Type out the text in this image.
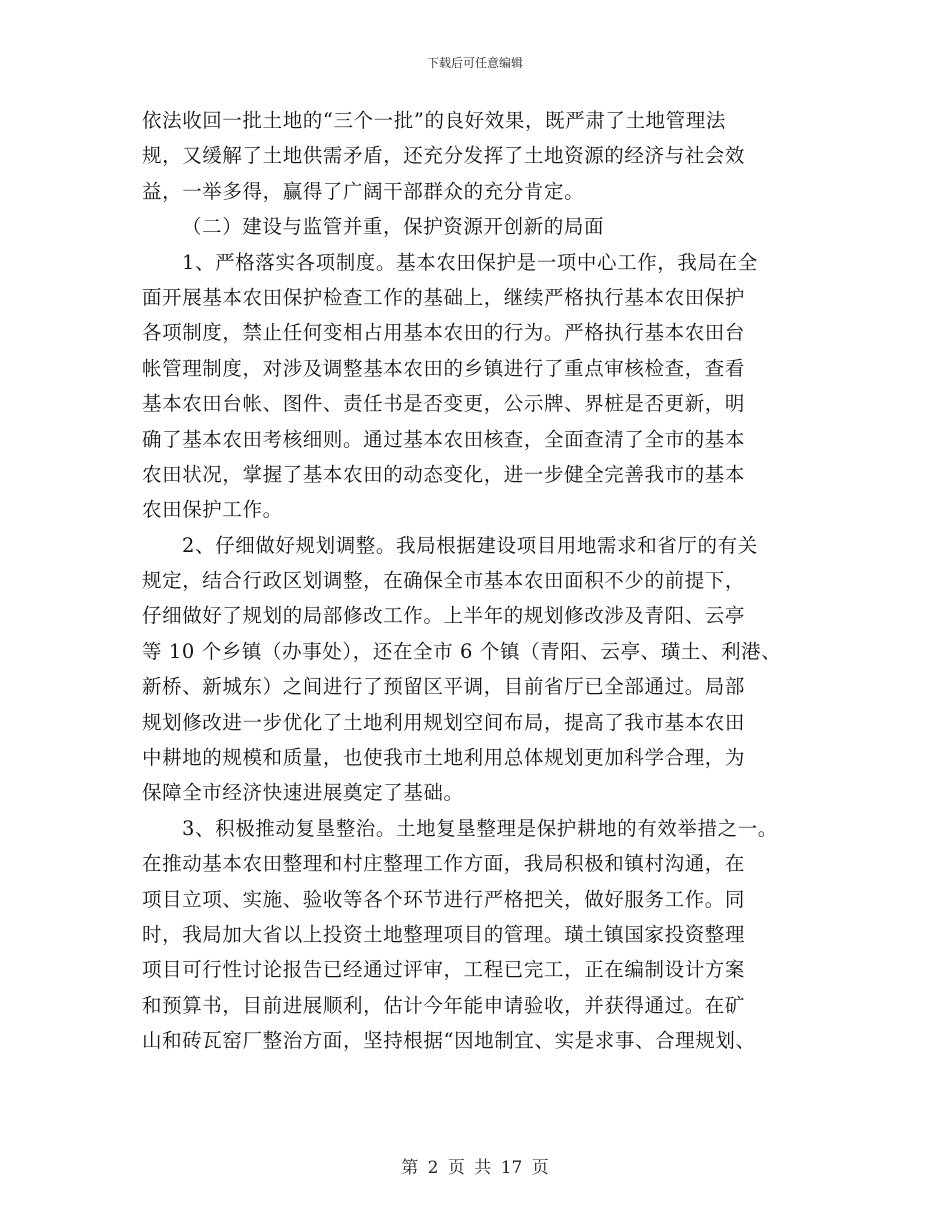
下载后可任意编辑
依法收回一批土地的“三个一批”的良好效果，既严肃了土地管理法
规，又缓解了土地供需矛盾，还充分发挥了土地资源的经济与社会效
益，一举多得，赢得了广阔干部群众的充分肯定。
（二）建设与监管并重，保护资源开创新的局面
1、严格落实各项制度。基本农田保护是一项中心工作，我局在全
面开展基本农田保护检查工作的基础上，继续严格执行基本农田保护
各项制度，禁止任何变相占用基本农田的行为。严格执行基本农田台
帐管理制度，对涉及调整基本农田的乡镇进行了重点审核检查，查看
基本农田台帐、图件、责任书是否变更，公示牌、界桩是否更新，明
确了基本农田考核细则。通过基本农田核查，全面查清了全市的基本
农田状况，掌握了基本农田的动态变化，进一步健全完善我市的基本
农田保护工作。
2、仔细做好规划调整。我局根据建设项目用地需求和省厅的有关
规定，结合行政区划调整，在确保全市基本农田面积不少的前提下，
仔细做好了规划的局部修改工作。上半年的规划修改涉及青阳、云亭
等 10 个乡镇（办事处），还在全市 6 个镇（青阳、云亭、璜土、利港、
新桥、新城东）之间进行了预留区平调，目前省厅已全部通过。局部
规划修改进一步优化了土地利用规划空间布局，提高了我市基本农田
中耕地的规模和质量，也使我市土地利用总体规划更加科学合理，为
保障全市经济快速进展奠定了基础。
3、积极推动复垦整治。土地复垦整理是保护耕地的有效举措之一。
在推动基本农田整理和村庄整理工作方面，我局积极和镇村沟通，在
项目立项、实施、验收等各个环节进行严格把关，做好服务工作。同
时，我局加大省以上投资土地整理项目的管理。璜土镇国家投资整理
项目可行性讨论报告已经通过评审，工程已完工，正在编制设计方案
和预算书，目前进展顺利，估计今年能申请验收，并获得通过。在矿
山和砖瓦窑厂整治方面，坚持根据“因地制宜、实是求事、合理规划、
第 2 页 共 17 页
